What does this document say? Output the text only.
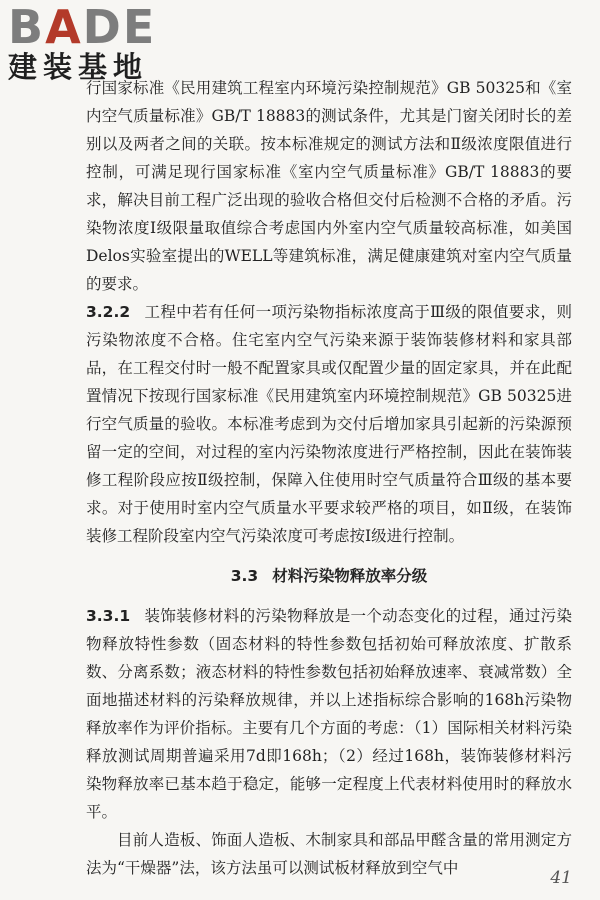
BADE
建装基地

行国家标准《民用建筑工程室内环境污染控制规范》GB 50325和《室内空气质量标准》GB/T 18883的测试条件，尤其是门窗关闭时长的差别以及两者之间的关联。按本标准规定的测试方法和Ⅱ级浓度限值进行控制，可满足现行国家标准《室内空气质量标准》GB/T 18883的要求，解决目前工程广泛出现的验收合格但交付后检测不合格的矛盾。污染物浓度Ⅰ级限量取值综合考虑国内外室内空气质量较高标准，如美国Delos实验室提出的WELL等建筑标准，满足健康建筑对室内空气质量的要求。

3.2.2 工程中若有任何一项污染物指标浓度高于Ⅲ级的限值要求，则污染物浓度不合格。住宅室内空气污染来源于装饰装修材料和家具部品，在工程交付时一般不配置家具或仅配置少量的固定家具，并在此配置情况下按现行国家标准《民用建筑室内环境控制规范》GB 50325进行空气质量的验收。本标准考虑到为交付后增加家具引起新的污染源预留一定的空间，对过程的室内污染物浓度进行严格控制，因此在装饰装修工程阶段应按Ⅱ级控制，保障入住使用时空气质量符合Ⅲ级的基本要求。对于使用时室内空气质量水平要求较严格的项目，如Ⅱ级，在装饰装修工程阶段室内空气污染浓度可考虑按Ⅰ级进行控制。

3.3 材料污染物释放率分级

3.3.1 装饰装修材料的污染物释放是一个动态变化的过程，通过污染物释放特性参数（固态材料的特性参数包括初始可释放浓度、扩散系数、分离系数；液态材料的特性参数包括初始释放速率、衰减常数）全面地描述材料的污染释放规律，并以上述指标综合影响的168h污染物释放率作为评价指标。主要有几个方面的考虑：（1）国际相关材料污染释放测试周期普遍采用7d即168h；（2）经过168h，装饰装修材料污染物释放率已基本趋于稳定，能够一定程度上代表材料使用时的释放水平。

目前人造板、饰面人造板、木制家具和部品甲醛含量的常用测定方法为“干燥器”法，该方法虽可以测试板材释放到空气中	41
